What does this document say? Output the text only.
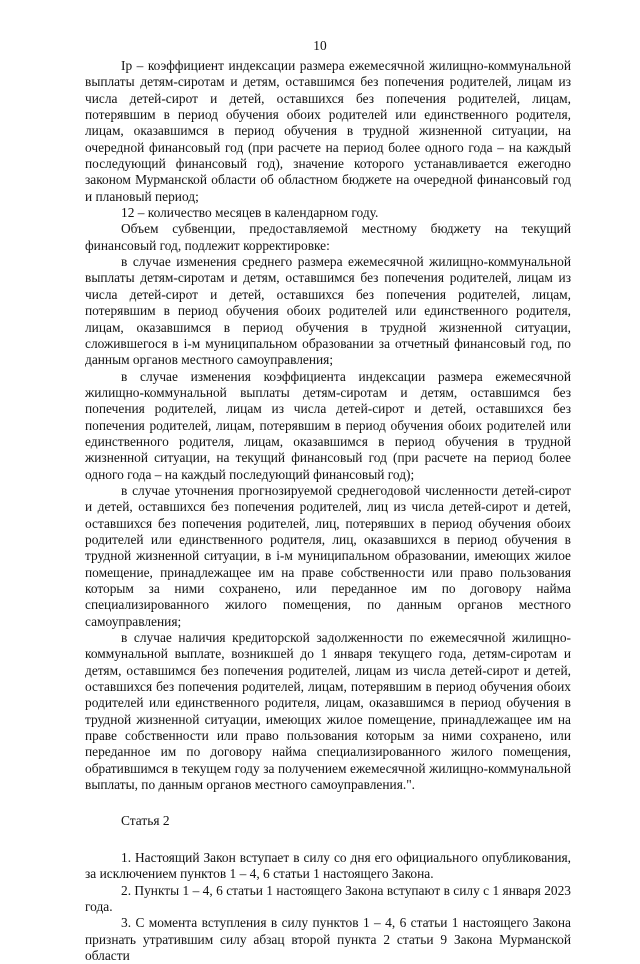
10

Ip – коэффициент индексации размера ежемесячной жилищно-коммунальной выплаты детям-сиротам и детям, оставшимся без попечения родителей, лицам из числа детей-сирот и детей, оставшихся без попечения родителей, лицам, потерявшим в период обучения обоих родителей или единственного родителя, лицам, оказавшимся в период обучения в трудной жизненной ситуации, на очередной финансовый год (при расчете на период более одного года – на каждый последующий финансовый год), значение которого устанавливается ежегодно законом Мурманской области об областном бюджете на очередной финансовый год и плановый период;

12 – количество месяцев в календарном году.

Объем субвенции, предоставляемой местному бюджету на текущий финансовый год, подлежит корректировке:

в случае изменения среднего размера ежемесячной жилищно-коммунальной выплаты детям-сиротам и детям, оставшимся без попечения родителей, лицам из числа детей-сирот и детей, оставшихся без попечения родителей, лицам, потерявшим в период обучения обоих родителей или единственного родителя, лицам, оказавшимся в период обучения в трудной жизненной ситуации, сложившегося в i-м муниципальном образовании за отчетный финансовый год, по данным органов местного самоуправления;

в случае изменения коэффициента индексации размера ежемесячной жилищно-коммунальной выплаты детям-сиротам и детям, оставшимся без попечения родителей, лицам из числа детей-сирот и детей, оставшихся без попечения родителей, лицам, потерявшим в период обучения обоих родителей или единственного родителя, лицам, оказавшимся в период обучения в трудной жизненной ситуации, на текущий финансовый год (при расчете на период более одного года – на каждый последующий финансовый год);

в случае уточнения прогнозируемой среднегодовой численности детей-сирот и детей, оставшихся без попечения родителей, лиц из числа детей-сирот и детей, оставшихся без попечения родителей, лиц, потерявших в период обучения обоих родителей или единственного родителя, лиц, оказавшихся в период обучения в трудной жизненной ситуации, в i-м муниципальном образовании, имеющих жилое помещение, принадлежащее им на праве собственности или право пользования которым за ними сохранено, или переданное им по договору найма специализированного жилого помещения, по данным органов местного самоуправления;

в случае наличия кредиторской задолженности по ежемесячной жилищно-коммунальной выплате, возникшей до 1 января текущего года, детям-сиротам и детям, оставшимся без попечения родителей, лицам из числа детей-сирот и детей, оставшихся без попечения родителей, лицам, потерявшим в период обучения обоих родителей или единственного родителя, лицам, оказавшимся в период обучения в трудной жизненной ситуации, имеющих жилое помещение, принадлежащее им на праве собственности или право пользования которым за ними сохранено, или переданное им по договору найма специализированного жилого помещения, обратившимся в текущем году за получением ежемесячной жилищно-коммунальной выплаты, по данным органов местного самоуправления.".

Статья 2

1. Настоящий Закон вступает в силу со дня его официального опубликования, за исключением пунктов 1 – 4, 6 статьи 1 настоящего Закона.

2. Пункты 1 – 4, 6 статьи 1 настоящего Закона вступают в силу с 1 января 2023 года.

3. С момента вступления в силу пунктов 1 – 4, 6 статьи 1 настоящего Закона признать утратившим силу абзац второй пункта 2 статьи 9 Закона Мурманской области
